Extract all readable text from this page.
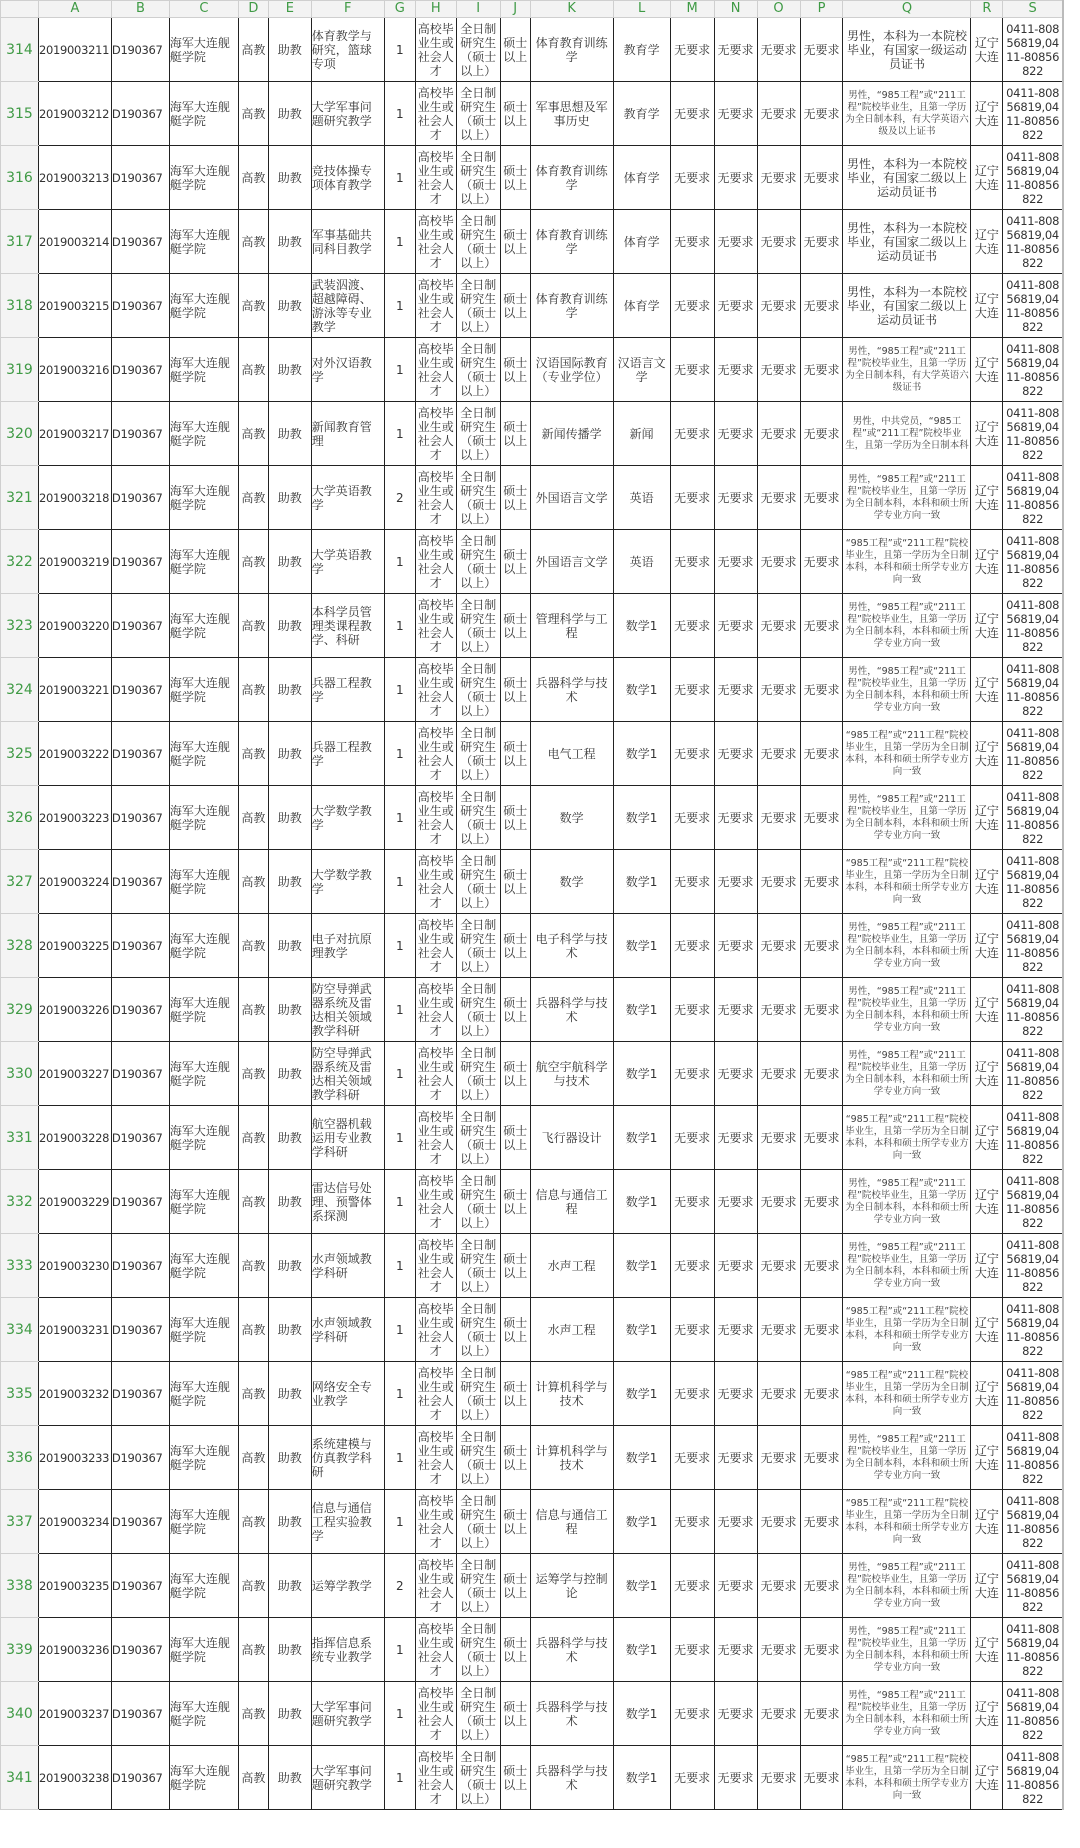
	A	B	C	D	E	F	G	H	I	J	K	L	M	N	O	P	Q	R	S	
314	2019003211	D190367	海军大连舰艇学院	高教	助教	体育教学与研究，篮球专项	1	高校毕业生或社会人才	全日制研究生（硕士以上）	硕士以上	体育教育训练学	教育学	无要求	无要求	无要求	无要求	男性，本科为一本院校毕业，有国家一级运动员证书	辽宁大连	0411-80856819,0411-80856822	
315	2019003212	D190367	海军大连舰艇学院	高教	助教	大学军事问题研究教学	1	高校毕业生或社会人才	全日制研究生（硕士以上）	硕士以上	军事思想及军事历史	教育学	无要求	无要求	无要求	无要求	男性，“985工程”或“211工程”院校毕业生，且第一学历为全日制本科，有大学英语六级及以上证书	辽宁大连	0411-80856819,0411-80856822	
316	2019003213	D190367	海军大连舰艇学院	高教	助教	竞技体操专项体育教学	1	高校毕业生或社会人才	全日制研究生（硕士以上）	硕士以上	体育教育训练学	体育学	无要求	无要求	无要求	无要求	男性，本科为一本院校毕业，有国家二级以上运动员证书	辽宁大连	0411-80856819,0411-80856822	
317	2019003214	D190367	海军大连舰艇学院	高教	助教	军事基础共同科目教学	1	高校毕业生或社会人才	全日制研究生（硕士以上）	硕士以上	体育教育训练学	体育学	无要求	无要求	无要求	无要求	男性，本科为一本院校毕业，有国家二级以上运动员证书	辽宁大连	0411-80856819,0411-80856822	
318	2019003215	D190367	海军大连舰艇学院	高教	助教	武装泅渡、超越障碍、游泳等专业教学	1	高校毕业生或社会人才	全日制研究生（硕士以上）	硕士以上	体育教育训练学	体育学	无要求	无要求	无要求	无要求	男性，本科为一本院校毕业，有国家二级以上运动员证书	辽宁大连	0411-80856819,0411-80856822	
319	2019003216	D190367	海军大连舰艇学院	高教	助教	对外汉语教学	1	高校毕业生或社会人才	全日制研究生（硕士以上）	硕士以上	汉语国际教育（专业学位）	汉语言文学	无要求	无要求	无要求	无要求	男性，“985工程”或“211工程”院校毕业生，且第一学历为全日制本科，有大学英语六级证书	辽宁大连	0411-80856819,0411-80856822	
320	2019003217	D190367	海军大连舰艇学院	高教	助教	新闻教育管理	1	高校毕业生或社会人才	全日制研究生（硕士以上）	硕士以上	新闻传播学	新闻	无要求	无要求	无要求	无要求	男性，中共党员，“985工程”或“211工程”院校毕业生，且第一学历为全日制本科	辽宁大连	0411-80856819,0411-80856822	
321	2019003218	D190367	海军大连舰艇学院	高教	助教	大学英语教学	2	高校毕业生或社会人才	全日制研究生（硕士以上）	硕士以上	外国语言文学	英语	无要求	无要求	无要求	无要求	男性，“985工程”或“211工程”院校毕业生，且第一学历为全日制本科，本科和硕士所学专业方向一致	辽宁大连	0411-80856819,0411-80856822	
322	2019003219	D190367	海军大连舰艇学院	高教	助教	大学英语教学	1	高校毕业生或社会人才	全日制研究生（硕士以上）	硕士以上	外国语言文学	英语	无要求	无要求	无要求	无要求	“985工程”或“211工程”院校毕业生，且第一学历为全日制本科，本科和硕士所学专业方向一致	辽宁大连	0411-80856819,0411-80856822	
323	2019003220	D190367	海军大连舰艇学院	高教	助教	本科学员管理类课程教学、科研	1	高校毕业生或社会人才	全日制研究生（硕士以上）	硕士以上	管理科学与工程	数学1	无要求	无要求	无要求	无要求	男性，“985工程”或“211工程”院校毕业生，且第一学历为全日制本科，本科和硕士所学专业方向一致	辽宁大连	0411-80856819,0411-80856822	
324	2019003221	D190367	海军大连舰艇学院	高教	助教	兵器工程教学	1	高校毕业生或社会人才	全日制研究生（硕士以上）	硕士以上	兵器科学与技术	数学1	无要求	无要求	无要求	无要求	男性，“985工程”或“211工程”院校毕业生，且第一学历为全日制本科，本科和硕士所学专业方向一致	辽宁大连	0411-80856819,0411-80856822	
325	2019003222	D190367	海军大连舰艇学院	高教	助教	兵器工程教学	1	高校毕业生或社会人才	全日制研究生（硕士以上）	硕士以上	电气工程	数学1	无要求	无要求	无要求	无要求	“985工程”或“211工程”院校毕业生，且第一学历为全日制本科，本科和硕士所学专业方向一致	辽宁大连	0411-80856819,0411-80856822	
326	2019003223	D190367	海军大连舰艇学院	高教	助教	大学数学教学	1	高校毕业生或社会人才	全日制研究生（硕士以上）	硕士以上	数学	数学1	无要求	无要求	无要求	无要求	男性，“985工程”或“211工程”院校毕业生，且第一学历为全日制本科，本科和硕士所学专业方向一致	辽宁大连	0411-80856819,0411-80856822	
327	2019003224	D190367	海军大连舰艇学院	高教	助教	大学数学教学	1	高校毕业生或社会人才	全日制研究生（硕士以上）	硕士以上	数学	数学1	无要求	无要求	无要求	无要求	“985工程”或“211工程”院校毕业生，且第一学历为全日制本科，本科和硕士所学专业方向一致	辽宁大连	0411-80856819,0411-80856822	
328	2019003225	D190367	海军大连舰艇学院	高教	助教	电子对抗原理教学	1	高校毕业生或社会人才	全日制研究生（硕士以上）	硕士以上	电子科学与技术	数学1	无要求	无要求	无要求	无要求	男性，“985工程”或“211工程”院校毕业生，且第一学历为全日制本科，本科和硕士所学专业方向一致	辽宁大连	0411-80856819,0411-80856822	
329	2019003226	D190367	海军大连舰艇学院	高教	助教	防空导弹武器系统及雷达相关领域教学科研	1	高校毕业生或社会人才	全日制研究生（硕士以上）	硕士以上	兵器科学与技术	数学1	无要求	无要求	无要求	无要求	男性，“985工程”或“211工程”院校毕业生，且第一学历为全日制本科，本科和硕士所学专业方向一致	辽宁大连	0411-80856819,0411-80856822	
330	2019003227	D190367	海军大连舰艇学院	高教	助教	防空导弹武器系统及雷达相关领域教学科研	1	高校毕业生或社会人才	全日制研究生（硕士以上）	硕士以上	航空宇航科学与技术	数学1	无要求	无要求	无要求	无要求	男性，“985工程”或“211工程”院校毕业生，且第一学历为全日制本科，本科和硕士所学专业方向一致	辽宁大连	0411-80856819,0411-80856822	
331	2019003228	D190367	海军大连舰艇学院	高教	助教	航空器机载运用专业教学科研	1	高校毕业生或社会人才	全日制研究生（硕士以上）	硕士以上	飞行器设计	数学1	无要求	无要求	无要求	无要求	“985工程”或“211工程”院校毕业生，且第一学历为全日制本科，本科和硕士所学专业方向一致	辽宁大连	0411-80856819,0411-80856822	
332	2019003229	D190367	海军大连舰艇学院	高教	助教	雷达信号处理、预警体系探测	1	高校毕业生或社会人才	全日制研究生（硕士以上）	硕士以上	信息与通信工程	数学1	无要求	无要求	无要求	无要求	男性，“985工程”或“211工程”院校毕业生，且第一学历为全日制本科，本科和硕士所学专业方向一致	辽宁大连	0411-80856819,0411-80856822	
333	2019003230	D190367	海军大连舰艇学院	高教	助教	水声领域教学科研	1	高校毕业生或社会人才	全日制研究生（硕士以上）	硕士以上	水声工程	数学1	无要求	无要求	无要求	无要求	男性，“985工程”或“211工程”院校毕业生，且第一学历为全日制本科，本科和硕士所学专业方向一致	辽宁大连	0411-80856819,0411-80856822	
334	2019003231	D190367	海军大连舰艇学院	高教	助教	水声领域教学科研	1	高校毕业生或社会人才	全日制研究生（硕士以上）	硕士以上	水声工程	数学1	无要求	无要求	无要求	无要求	“985工程”或“211工程”院校毕业生，且第一学历为全日制本科，本科和硕士所学专业方向一致	辽宁大连	0411-80856819,0411-80856822	
335	2019003232	D190367	海军大连舰艇学院	高教	助教	网络安全专业教学	1	高校毕业生或社会人才	全日制研究生（硕士以上）	硕士以上	计算机科学与技术	数学1	无要求	无要求	无要求	无要求	“985工程”或“211工程”院校毕业生，且第一学历为全日制本科，本科和硕士所学专业方向一致	辽宁大连	0411-80856819,0411-80856822	
336	2019003233	D190367	海军大连舰艇学院	高教	助教	系统建模与仿真教学科研	1	高校毕业生或社会人才	全日制研究生（硕士以上）	硕士以上	计算机科学与技术	数学1	无要求	无要求	无要求	无要求	男性，“985工程”或“211工程”院校毕业生，且第一学历为全日制本科，本科和硕士所学专业方向一致	辽宁大连	0411-80856819,0411-80856822	
337	2019003234	D190367	海军大连舰艇学院	高教	助教	信息与通信工程实验教学	1	高校毕业生或社会人才	全日制研究生（硕士以上）	硕士以上	信息与通信工程	数学1	无要求	无要求	无要求	无要求	“985工程”或“211工程”院校毕业生，且第一学历为全日制本科，本科和硕士所学专业方向一致	辽宁大连	0411-80856819,0411-80856822	
338	2019003235	D190367	海军大连舰艇学院	高教	助教	运筹学教学	2	高校毕业生或社会人才	全日制研究生（硕士以上）	硕士以上	运筹学与控制论	数学1	无要求	无要求	无要求	无要求	男性，“985工程”或“211工程”院校毕业生，且第一学历为全日制本科，本科和硕士所学专业方向一致	辽宁大连	0411-80856819,0411-80856822	
339	2019003236	D190367	海军大连舰艇学院	高教	助教	指挥信息系统专业教学	1	高校毕业生或社会人才	全日制研究生（硕士以上）	硕士以上	兵器科学与技术	数学1	无要求	无要求	无要求	无要求	男性，“985工程”或“211工程”院校毕业生，且第一学历为全日制本科，本科和硕士所学专业方向一致	辽宁大连	0411-80856819,0411-80856822	
340	2019003237	D190367	海军大连舰艇学院	高教	助教	大学军事问题研究教学	1	高校毕业生或社会人才	全日制研究生（硕士以上）	硕士以上	兵器科学与技术	数学1	无要求	无要求	无要求	无要求	男性，“985工程”或“211工程”院校毕业生，且第一学历为全日制本科，本科和硕士所学专业方向一致	辽宁大连	0411-80856819,0411-80856822	
341	2019003238	D190367	海军大连舰艇学院	高教	助教	大学军事问题研究教学	1	高校毕业生或社会人才	全日制研究生（硕士以上）	硕士以上	兵器科学与技术	数学1	无要求	无要求	无要求	无要求	“985工程”或“211工程”院校毕业生，且第一学历为全日制本科，本科和硕士所学专业方向一致	辽宁大连	0411-80856819,0411-80856822	
